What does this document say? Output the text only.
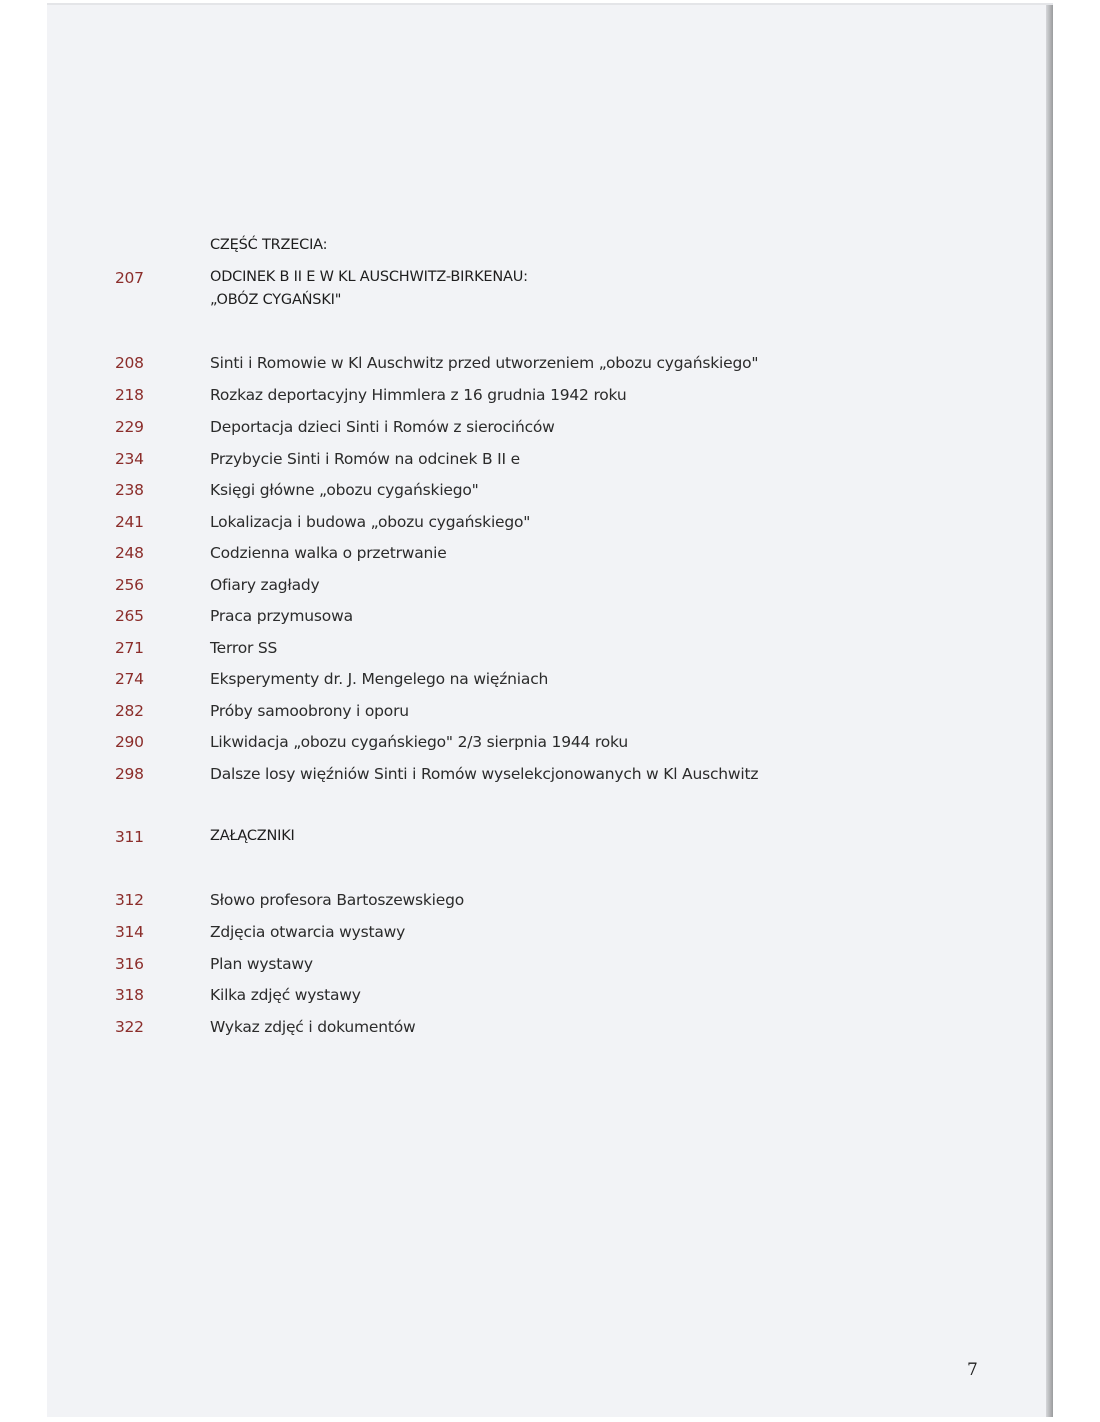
CZĘŚĆ TRZECIA:
207	ODCINEK B II E W KL AUSCHWITZ-BIRKENAU:
„OBÓZ CYGAŃSKI"
208	Sinti i Romowie w Kl Auschwitz przed utworzeniem „obozu cygańskiego"
218	Rozkaz deportacyjny Himmlera z 16 grudnia 1942 roku
229	Deportacja dzieci Sinti i Romów z sierocińców
234	Przybycie Sinti i Romów na odcinek B II e
238	Księgi główne „obozu cygańskiego"
241	Lokalizacja i budowa „obozu cygańskiego"
248	Codzienna walka o przetrwanie
256	Ofiary zagłady
265	Praca przymusowa
271	Terror SS
274	Eksperymenty dr. J. Mengelego na więźniach
282	Próby samoobrony i oporu
290	Likwidacja „obozu cygańskiego" 2/3 sierpnia 1944 roku
298	Dalsze losy więźniów Sinti i Romów wyselekcjonowanych w Kl Auschwitz
311	ZAŁĄCZNIKI
312	Słowo profesora Bartoszewskiego
314	Zdjęcia otwarcia wystawy
316	Plan wystawy
318	Kilka zdjęć wystawy
322	Wykaz zdjęć i dokumentów
7
